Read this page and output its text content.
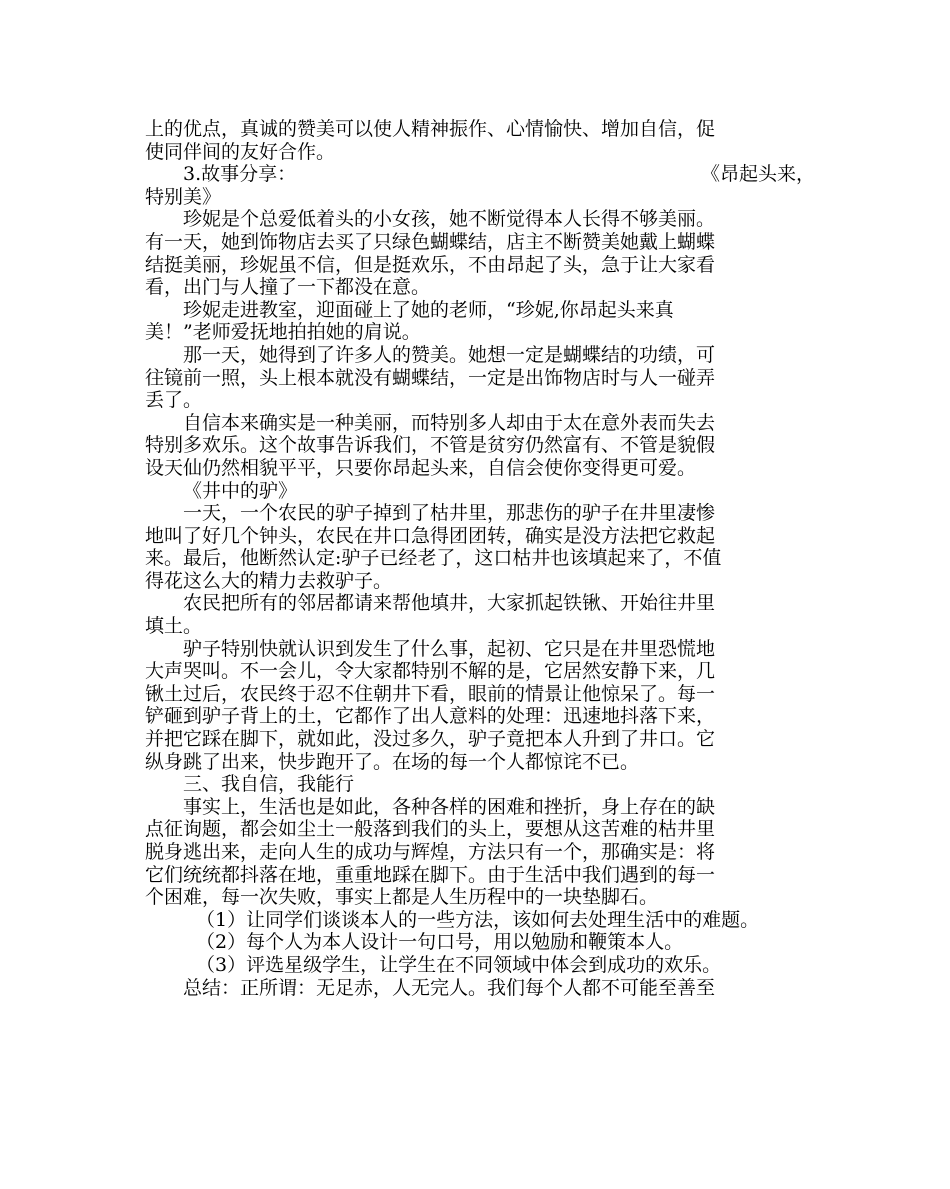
上的优点，真诚的赞美可以使人精神振作、心情愉快、增加自信，促
使同伴间的友好合作。
3.故事分享：	《昂起头来，
特别美》
珍妮是个总爱低着头的小女孩，她不断觉得本人长得不够美丽。
有一天，她到饰物店去买了只绿色蝴蝶结，店主不断赞美她戴上蝴蝶
结挺美丽，珍妮虽不信，但是挺欢乐，不由昂起了头，急于让大家看
看，出门与人撞了一下都没在意。
珍妮走进教室，迎面碰上了她的老师，“珍妮,你昂起头来真
美！”老师爱抚地拍拍她的肩说。
那一天，她得到了许多人的赞美。她想一定是蝴蝶结的功绩，可
往镜前一照，头上根本就没有蝴蝶结，一定是出饰物店时与人一碰弄
丢了。
自信本来确实是一种美丽，而特别多人却由于太在意外表而失去
特别多欢乐。这个故事告诉我们，不管是贫穷仍然富有、不管是貌假
设天仙仍然相貌平平，只要你昂起头来，自信会使你变得更可爱。
《井中的驴》
一天，一个农民的驴子掉到了枯井里，那悲伤的驴子在井里凄惨
地叫了好几个钟头，农民在井口急得团团转，确实是没方法把它救起
来。最后，他断然认定:驴子已经老了，这口枯井也该填起来了，不值
得花这么大的精力去救驴子。
农民把所有的邻居都请来帮他填井，大家抓起铁锹、开始往井里
填土。
驴子特别快就认识到发生了什么事，起初、它只是在井里恐慌地
大声哭叫。不一会儿，令大家都特别不解的是，它居然安静下来，几
锹土过后，农民终于忍不住朝井下看，眼前的情景让他惊呆了。每一
铲砸到驴子背上的土，它都作了出人意料的处理：迅速地抖落下来，
并把它踩在脚下，就如此，没过多久，驴子竟把本人升到了井口。它
纵身跳了出来，快步跑开了。在场的每一个人都惊诧不已。
三、我自信，我能行
事实上，生活也是如此，各种各样的困难和挫折，身上存在的缺
点征询题，都会如尘土一般落到我们的头上，要想从这苦难的枯井里
脱身逃出来，走向人生的成功与辉煌，方法只有一个，那确实是：将
它们统统都抖落在地，重重地踩在脚下。由于生活中我们遇到的每一
个困难，每一次失败，事实上都是人生历程中的一块垫脚石。
（1）让同学们谈谈本人的一些方法，该如何去处理生活中的难题。
（2）每个人为本人设计一句口号，用以勉励和鞭策本人。
（3）评选星级学生，让学生在不同领域中体会到成功的欢乐。
总结：正所谓：无足赤，人无完人。我们每个人都不可能至善至
